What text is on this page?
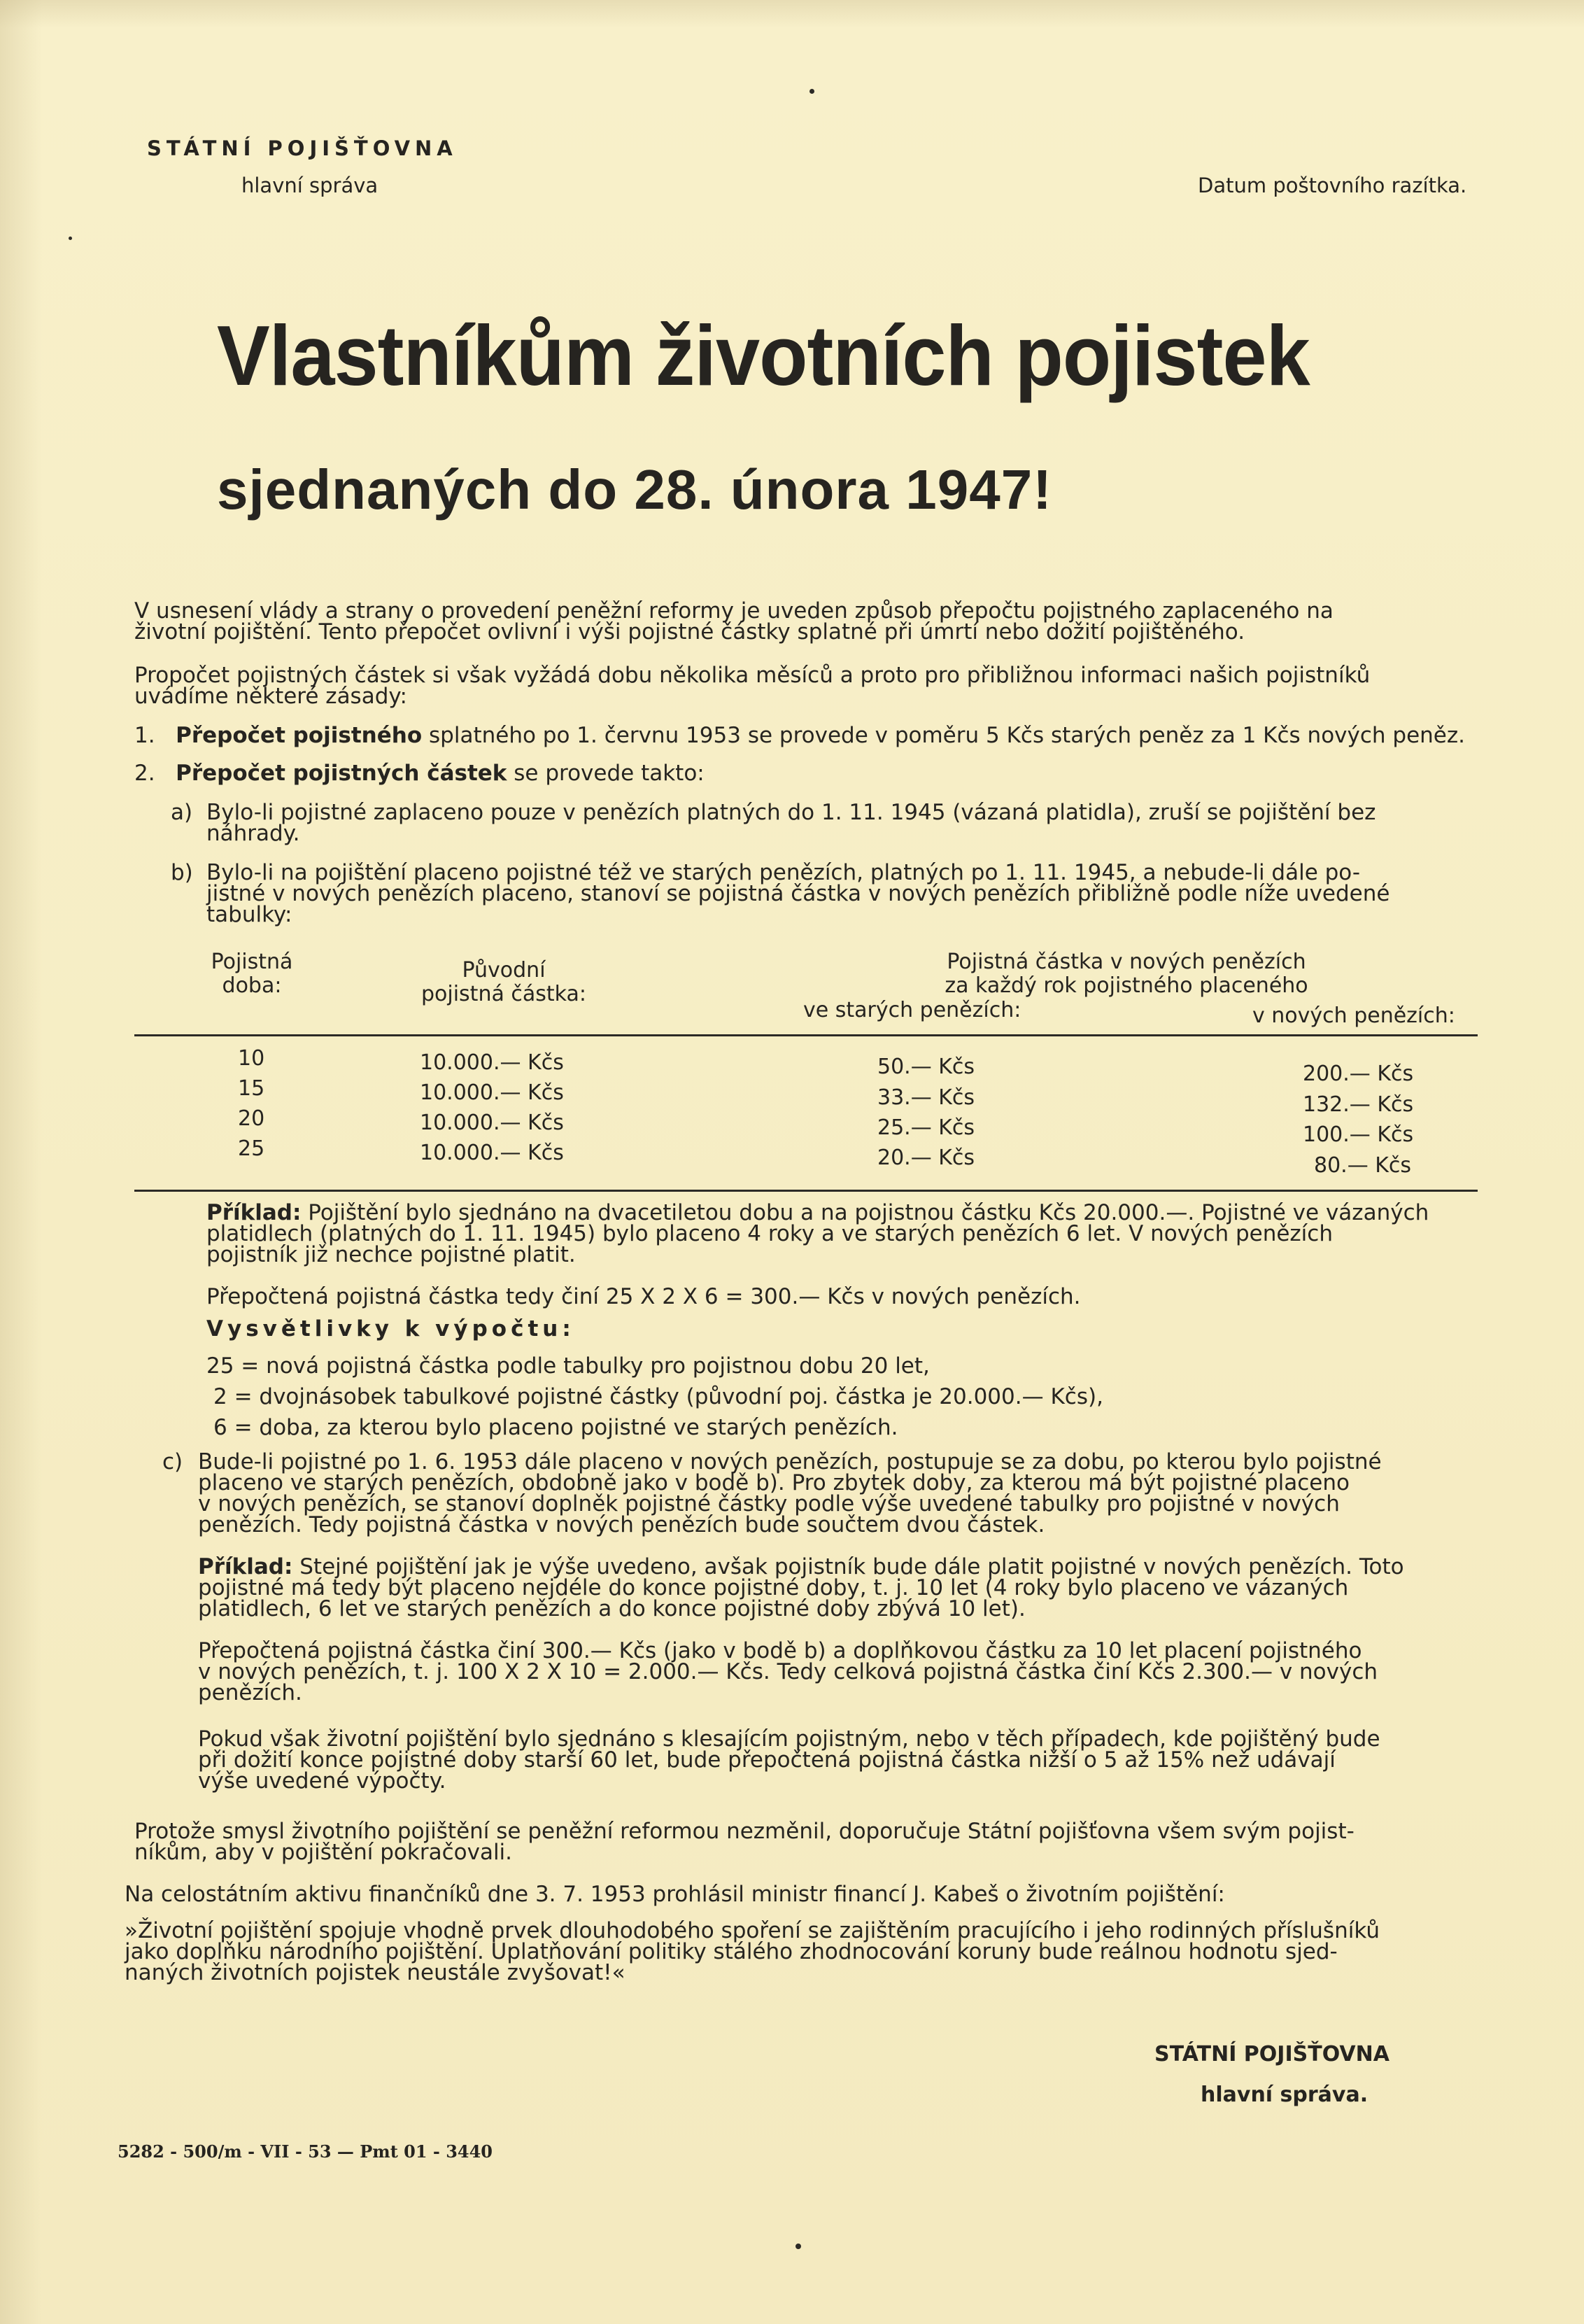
STÁTNÍ POJIŠŤOVNA
hlavní správa	Datum poštovního razítka.
Vlastníkům životních pojistek
sjednaných do 28. února 1947!
V usnesení vlády a strany o provedení peněžní reformy je uveden způsob přepočtu pojistného zaplaceného na
životní pojištění. Tento přepočet ovlivní i výši pojistné částky splatné při úmrtí nebo dožití pojištěného.
Propočet pojistných částek si však vyžádá dobu několika měsíců a proto pro přibližnou informaci našich pojistníků
uvádíme některé zásady:
1. Přepočet pojistného splatného po 1. červnu 1953 se provede v poměru 5 Kčs starých peněz za 1 Kčs nových peněz.
2. Přepočet pojistných částek se provede takto:
a) Bylo-li pojistné zaplaceno pouze v penězích platných do 1. 11. 1945 (vázaná platidla), zruší se pojištění bez
náhrady.
b) Bylo-li na pojištění placeno pojistné též ve starých penězích, platných po 1. 11. 1945, a nebude-li dále po-
jistné v nových penězích placeno, stanoví se pojistná částka v nových penězích přibližně podle níže uvedené
tabulky:
Pojistná
doba:
Původní
pojistná částka:
Pojistná částka v nových penězích
za každý rok pojistného placeného
ve starých penězích:	v nových penězích:
10	10.000.— Kčs	50.— Kčs	200.— Kčs
15	10.000.— Kčs	33.— Kčs	132.— Kčs
20	10.000.— Kčs	25.— Kčs	100.— Kčs
25	10.000.— Kčs	20.— Kčs	80.— Kčs
Příklad: Pojištění bylo sjednáno na dvacetiletou dobu a na pojistnou částku Kčs 20.000.—. Pojistné ve vázaných
platidlech (platných do 1. 11. 1945) bylo placeno 4 roky a ve starých penězích 6 let. V nových penězích
pojistník již nechce pojistné platit.
Přepočtená pojistná částka tedy činí 25 X 2 X 6 = 300.— Kčs v nových penězích.
Vysvětlivky k výpočtu:
25 = nová pojistná částka podle tabulky pro pojistnou dobu 20 let,
2 = dvojnásobek tabulkové pojistné částky (původní poj. částka je 20.000.— Kčs),
6 = doba, za kterou bylo placeno pojistné ve starých penězích.
c) Bude-li pojistné po 1. 6. 1953 dále placeno v nových penězích, postupuje se za dobu, po kterou bylo pojistné
placeno ve starých penězích, obdobně jako v bodě b). Pro zbytek doby, za kterou má být pojistné placeno
v nových penězích, se stanoví doplněk pojistné částky podle výše uvedené tabulky pro pojistné v nových
penězích. Tedy pojistná částka v nových penězích bude součtem dvou částek.
Příklad: Stejné pojištění jak je výše uvedeno, avšak pojistník bude dále platit pojistné v nových penězích. Toto
pojistné má tedy být placeno nejdéle do konce pojistné doby, t. j. 10 let (4 roky bylo placeno ve vázaných
platidlech, 6 let ve starých penězích a do konce pojistné doby zbývá 10 let).
Přepočtená pojistná částka činí 300.— Kčs (jako v bodě b) a doplňkovou částku za 10 let placení pojistného
v nových penězích, t. j. 100 X 2 X 10 = 2.000.— Kčs. Tedy celková pojistná částka činí Kčs 2.300.— v nových
penězích.
Pokud však životní pojištění bylo sjednáno s klesajícím pojistným, nebo v těch případech, kde pojištěný bude
při dožití konce pojistné doby starší 60 let, bude přepočtená pojistná částka nižší o 5 až 15% než udávají
výše uvedené výpočty.
Protože smysl životního pojištění se peněžní reformou nezměnil, doporučuje Státní pojišťovna všem svým pojist-
níkům, aby v pojištění pokračovali.
Na celostátním aktivu finančníků dne 3. 7. 1953 prohlásil ministr financí J. Kabeš o životním pojištění:
»Životní pojištění spojuje vhodně prvek dlouhodobého spoření se zajištěním pracujícího i jeho rodinných příslušníků
jako doplňku národního pojištění. Uplatňování politiky stálého zhodnocování koruny bude reálnou hodnotu sjed-
naných životních pojistek neustále zvyšovat!«
STÁTNÍ POJIŠŤOVNA
hlavní správa.
5282 - 500/m - VII - 53 — Pmt 01 - 3440
